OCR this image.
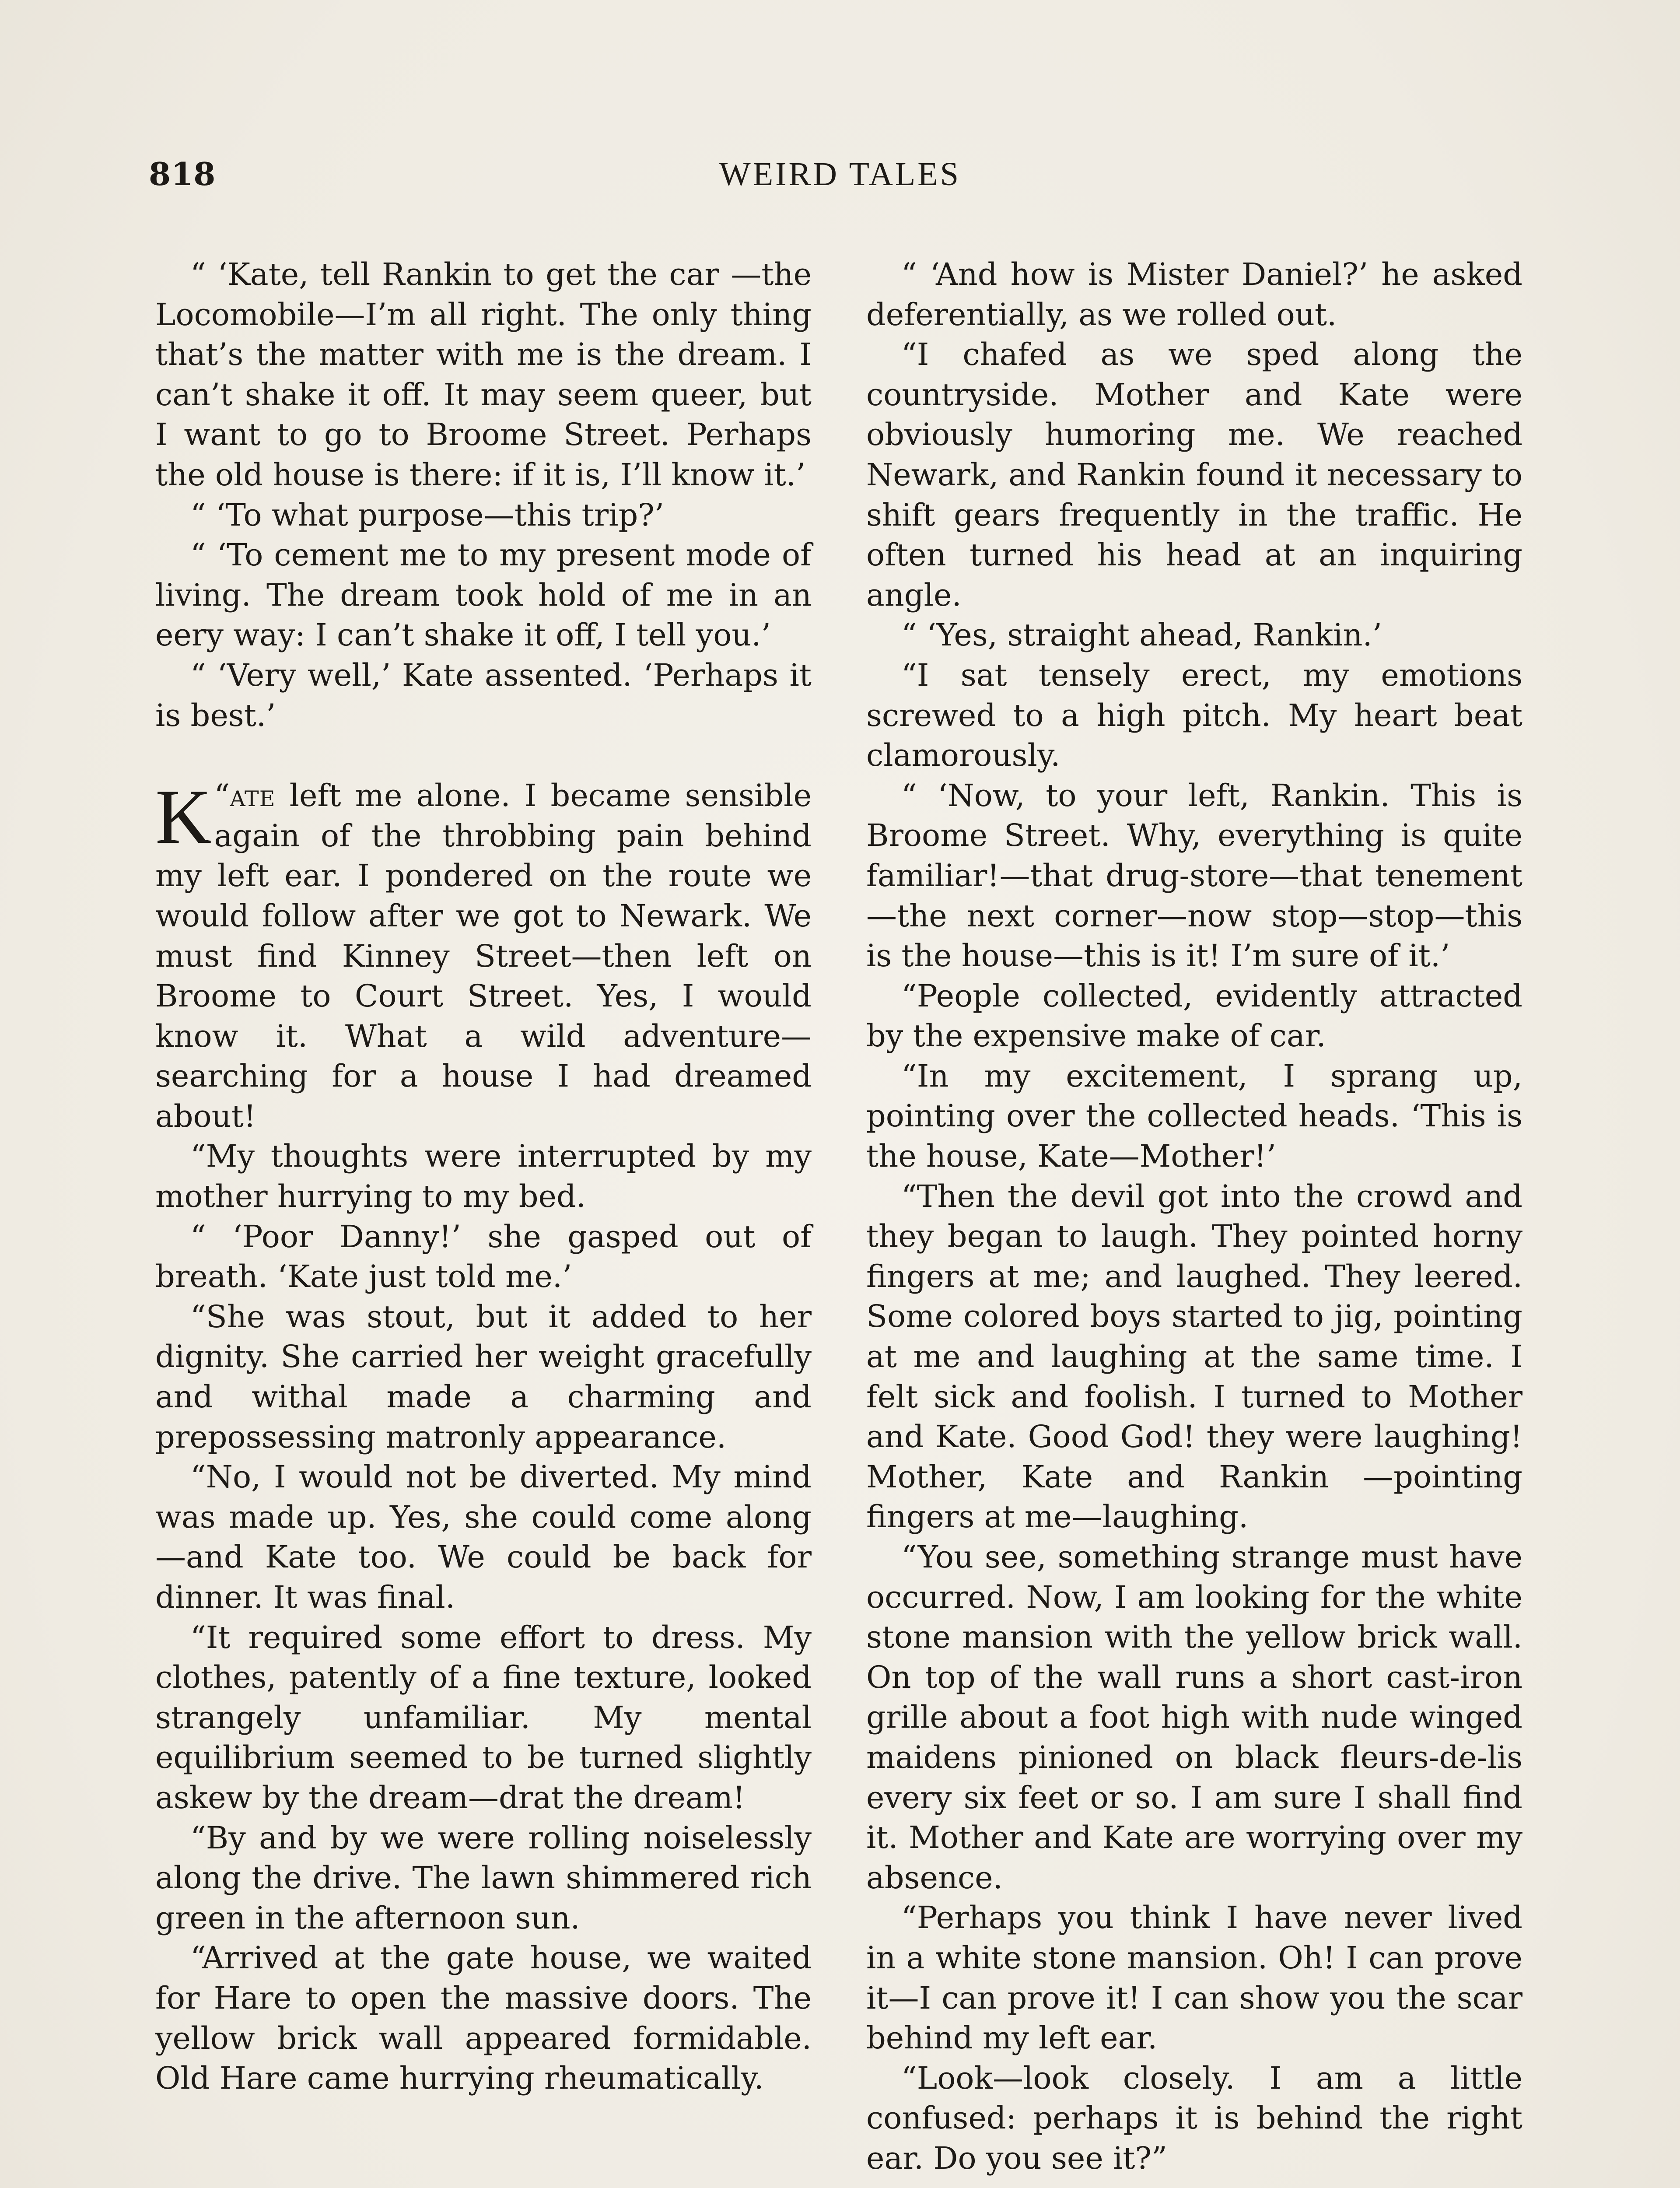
818	WEIRD TALES

“ ‘Kate, tell Rankin to get the car —the Locomobile—I’m all right. The only thing that’s the matter with me is the dream. I can’t shake it off. It may seem queer, but I want to go to Broome Street. Perhaps the old house is there: if it is, I’ll know it.’

“ ‘To what purpose—this trip?’

“ ‘To cement me to my present mode of living. The dream took hold of me in an eery way: I can’t shake it off, I tell you.’

“ ‘Very well,’ Kate assented. ‘Perhaps it is best.’

“
K ate left me alone. I became sensible again of the throbbing pain behind my left ear. I pondered on the route we would follow after we got to Newark. We must find Kinney Street—then left on Broome to Court Street. Yes, I would know it. What a wild adventure—searching for a house I had dreamed about!

“My thoughts were interrupted by my mother hurrying to my bed.

“ ‘Poor Danny!’ she gasped out of breath. ‘Kate just told me.’

“She was stout, but it added to her dignity. She carried her weight gracefully and withal made a charming and prepossessing matronly appearance.

“No, I would not be diverted. My mind was made up. Yes, she could come along—and Kate too. We could be back for dinner. It was final.

“It required some effort to dress. My clothes, patently of a fine texture, looked strangely unfamiliar. My mental equilibrium seemed to be turned slightly askew by the dream—drat the dream!

“By and by we were rolling noiselessly along the drive. The lawn shimmered rich green in the afternoon sun.

“Arrived at the gate house, we waited for Hare to open the massive doors. The yellow brick wall appeared formidable. Old Hare came hurrying rheumatically.

“ ‘And how is Mister Daniel?’ he asked deferentially, as we rolled out.

“I chafed as we sped along the countryside. Mother and Kate were obviously humoring me. We reached Newark, and Rankin found it necessary to shift gears frequently in the traffic. He often turned his head at an inquiring angle.

“ ‘Yes, straight ahead, Rankin.’

“I sat tensely erect, my emotions screwed to a high pitch. My heart beat clamorously.

“ ‘Now, to your left, Rankin. This is Broome Street. Why, everything is quite familiar!—that drug-store—that tenement—the next corner—now stop—stop—this is the house—this is it! I’m sure of it.’

“People collected, evidently attracted by the expensive make of car.

“In my excitement, I sprang up, pointing over the collected heads. ‘This is the house, Kate—Mother!’

“Then the devil got into the crowd and they began to laugh. They pointed horny fingers at me; and laughed. They leered. Some colored boys started to jig, pointing at me and laughing at the same time. I felt sick and foolish. I turned to Mother and Kate. Good God! they were laughing! Mother, Kate and Rankin —pointing fingers at me—laughing.

“You see, something strange must have occurred. Now, I am looking for the white stone mansion with the yellow brick wall. On top of the wall runs a short cast-iron grille about a foot high with nude winged maidens pinioned on black fleurs-de-lis every six feet or so. I am sure I shall find it. Mother and Kate are worrying over my absence.

“Perhaps you think I have never lived in a white stone mansion. Oh! I can prove it—I can prove it! I can show you the scar behind my left ear.

“Look—look closely. I am a little confused: perhaps it is behind the right ear. Do you see it?”
